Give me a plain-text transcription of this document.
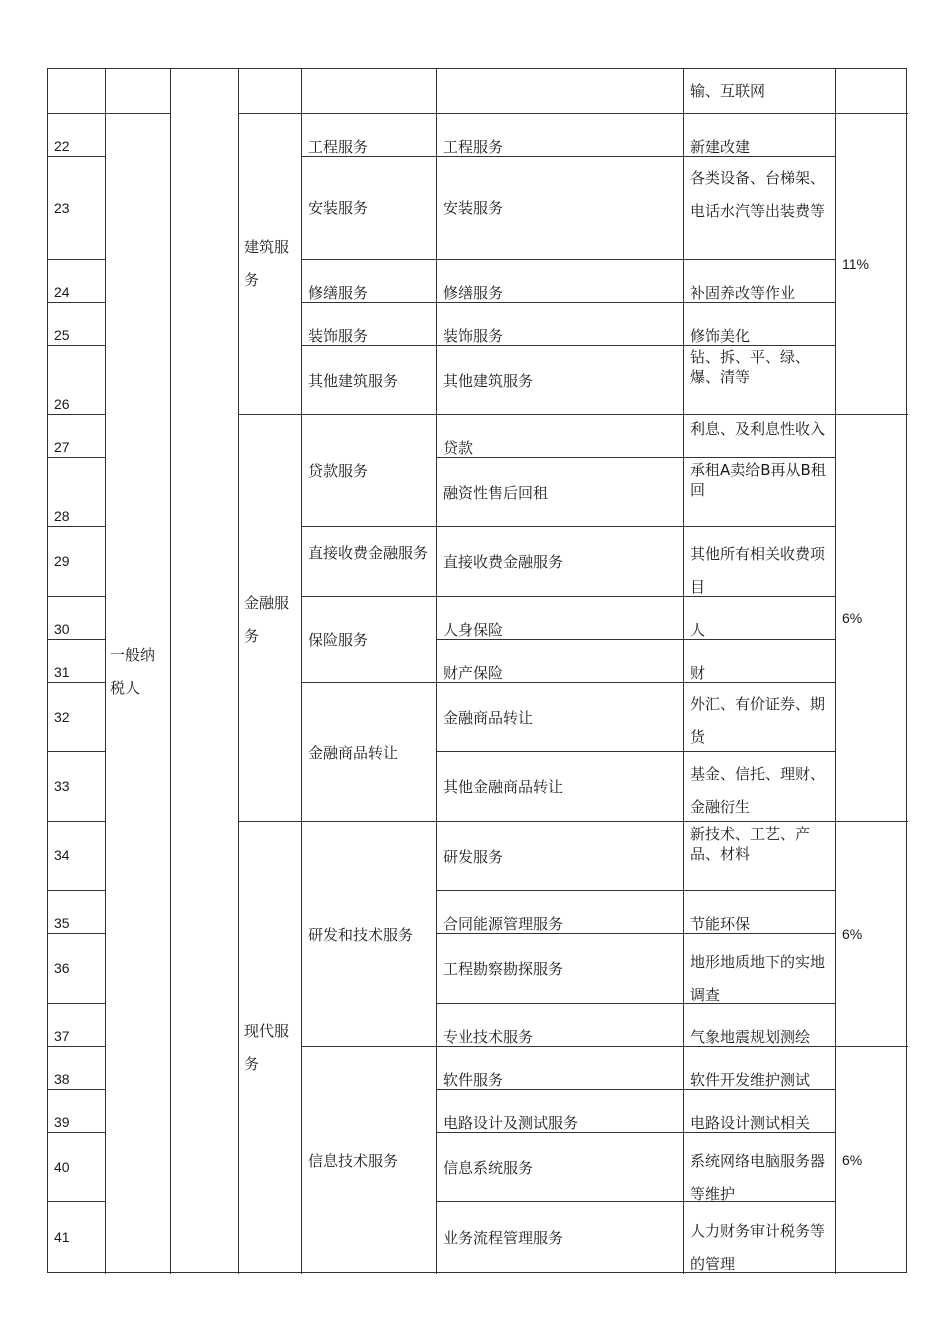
输、互联网
22
23
24
25
26
27
28
29
30
31
32
33
34
35
36
37
38
39
40
41
一般纳税人
建筑服务
金融服务
现代服务
工程服务
安装服务
修缮服务
装饰服务
其他建筑服务
贷款服务
直接收费金融服务
保险服务
金融商品转让
研发和技术服务
信息技术服务
工程服务
安装服务
修缮服务
装饰服务
其他建筑服务
贷款
融资性售后回租
直接收费金融服务
人身保险
财产保险
金融商品转让
其他金融商品转让
研发服务
合同能源管理服务
工程勘察勘探服务
专业技术服务
软件服务
电路设计及测试服务
信息系统服务
业务流程管理服务
新建改建
各类设备、台梯架、电话水汽等出装费等
补固养改等作业
修饰美化
钻、拆、平、绿、爆、清等
利息、及利息性收入
承租A卖给B再从B租回
其他所有相关收费项目
人
财
外汇、有价证券、期货
基金、信托、理财、金融衍生
新技术、工艺、产品、材料
节能环保
地形地质地下的实地调查
气象地震规划测绘
软件开发维护测试
电路设计测试相关
系统网络电脑服务器等维护
人力财务审计税务等的管理
11%
6%
6%
6%
